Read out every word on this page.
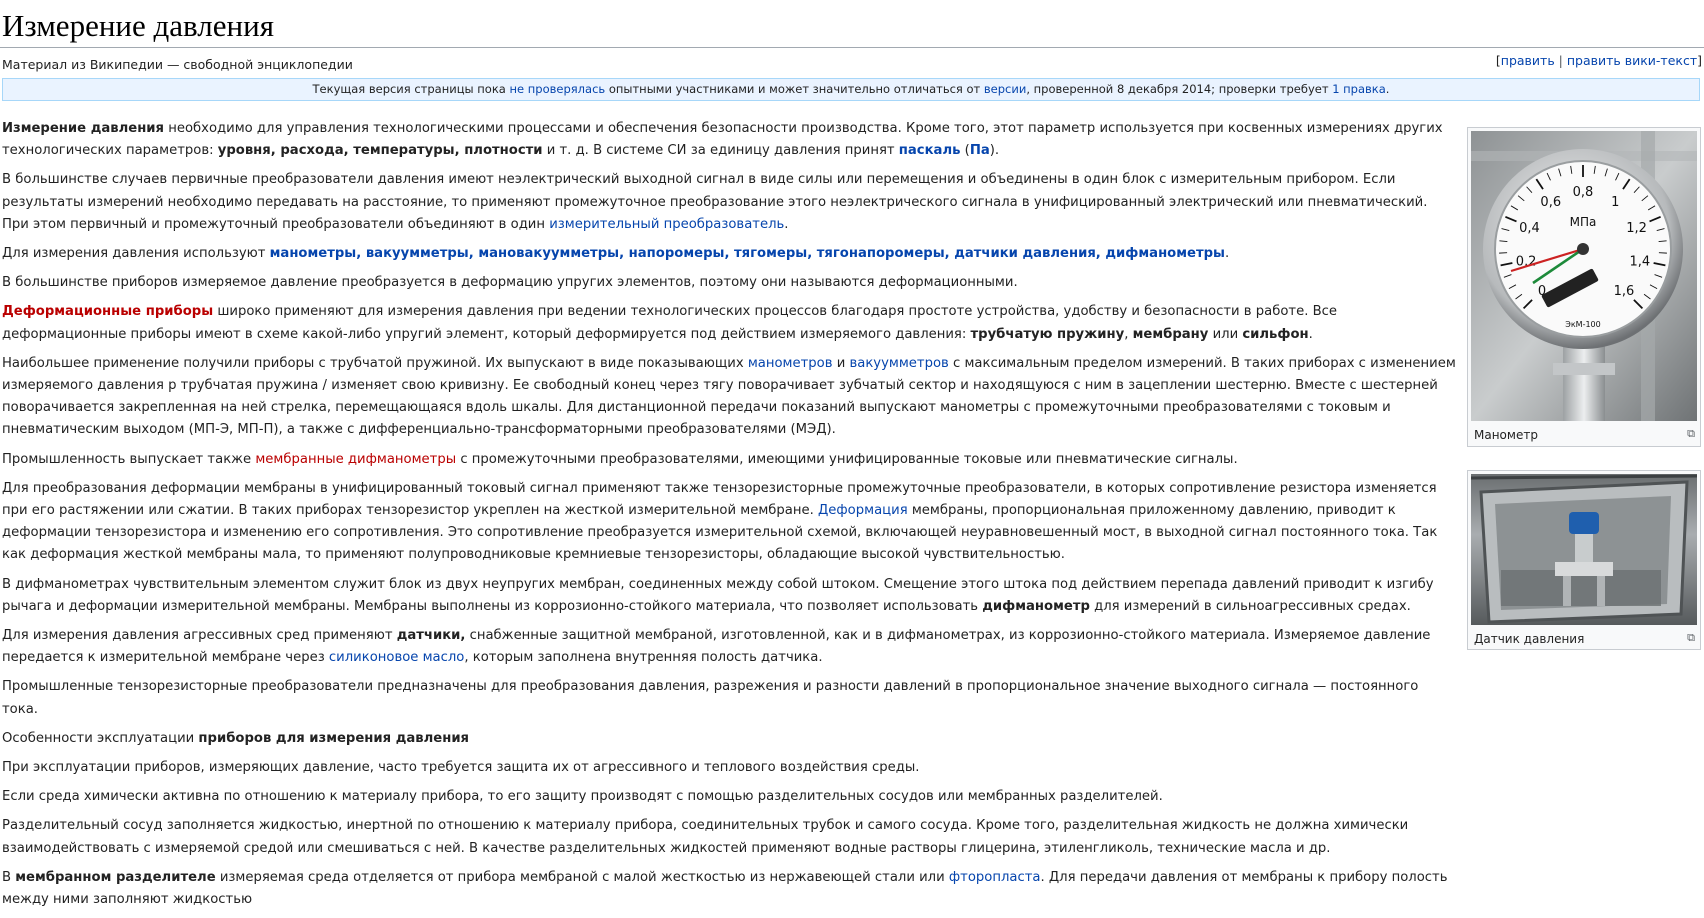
Измерение давления
Материал из Википедии — свободной энциклопедии	[править | править вики-текст]
Текущая версия страницы пока не проверялась опытными участниками и может значительно отличаться от версии, проверенной 8 декабря 2014; проверки требует 1 правка.

Измерение давления необходимо для управления технологическими процессами и обеспечения безопасности производства. Кроме того, этот параметр используется при косвенных измерениях других технологических параметров: уровня, расхода, температуры, плотности и т. д. В системе СИ за единицу давления принят паскаль (Па).

В большинстве случаев первичные преобразователи давления имеют неэлектрический выходной сигнал в виде силы или перемещения и объединены в один блок с измерительным прибором. Если результаты измерений необходимо передавать на расстояние, то применяют промежуточное преобразование этого неэлектрического сигнала в унифицированный электрический или пневматический. При этом первичный и промежуточный преобразователи объединяют в один измерительный преобразователь.

Для измерения давления используют манометры, вакуумметры, мановакуумметры, напоромеры, тягомеры, тягонапоромеры, датчики давления, дифманометры.

В большинстве приборов измеряемое давление преобразуется в деформацию упругих элементов, поэтому они называются деформационными.

Деформационные приборы широко применяют для измерения давления при ведении технологических процессов благодаря простоте устройства, удобству и безопасности в работе. Все деформационные приборы имеют в схеме какой-либо упругий элемент, который деформируется под действием измеряемого давления: трубчатую пружину, мембрану или сильфон.

Наибольшее применение получили приборы с трубчатой пружиной. Их выпускают в виде показывающих манометров и вакуумметров с максимальным пределом измерений. В таких приборах с изменением измеряемого давления р трубчатая пружина / изменяет свою кривизну. Ее свободный конец через тягу поворачивает зубчатый сектор и находящуюся с ним в зацеплении шестерню. Вместе с шестерней поворачивается закрепленная на ней стрелка, перемещающаяся вдоль шкалы. Для дистанционной передачи показаний выпускают манометры с промежуточными преобразователями с токовым и пневматическим выходом (МП-Э, МП-П), а также с дифференциально-трансформаторными преобразователями (МЭД).

Промышленность выпускает также мембранные дифманометры с промежуточными преобразователями, имеющими унифицированные токовые или пневматические сигналы.

Для преобразования деформации мембраны в унифицированный токовый сигнал применяют также тензорезисторные промежуточные преобразователи, в которых сопротивление резистора изменяется при его растяжении или сжатии. В таких приборах тензорезистор укреплен на жесткой измерительной мембране. Деформация мембраны, пропорциональная приложенному давлению, приводит к деформации тензорезистора и изменению его сопротивления. Это сопротивление преобразуется измерительной схемой, включающей неуравновешенный мост, в выходной сигнал постоянного тока. Так как деформация жесткой мембраны мала, то применяют полупроводниковые кремниевые тензорезисторы, обладающие высокой чувствительностью.

В дифманометрах чувствительным элементом служит блок из двух неупругих мембран, соединенных между собой штоком. Смещение этого штока под действием перепада давлений приводит к изгибу рычага и деформации измерительной мембраны. Мембраны выполнены из коррозионно-стойкого материала, что позволяет использовать дифманометр для измерений в сильноагрессивных средах.

Для измерения давления агрессивных сред применяют датчики, снабженные защитной мембраной, изготовленной, как и в дифманометрах, из коррозионно-стойкого материала. Измеряемое давление передается к измерительной мембране через силиконовое масло, которым заполнена внутренняя полость датчика.

Промышленные тензорезисторные преобразователи предназначены для преобразования давления, разрежения и разности давлений в пропорциональное значение выходного сигнала — постоянного тока.

Особенности эксплуатации приборов для измерения давления

При эксплуатации приборов, измеряющих давление, часто требуется защита их от агрессивного и теплового воздействия среды.

Если среда химически активна по отношению к материалу прибора, то его защиту производят с помощью разделительных сосудов или мембранных разделителей.

Разделительный сосуд заполняется жидкостью, инертной по отношению к материалу прибора, соединительных трубок и самого сосуда. Кроме того, разделительная жидкость не должна химически взаимодействовать с измеряемой средой или смешиваться с ней. В качестве разделительных жидкостей применяют водные растворы глицерина, этиленгликоль, технические масла и др.

В мембранном разделителе измеряемая среда отделяется от прибора мембраной с малой жесткостью из нержавеющей стали или фторопласта. Для передачи давления от мембраны к прибору полость между ними заполняют жидкостью

0
0,2
0,4
0,6
0,8
1
1,2
1,4
1,6
МПа
ЭкМ-100
Манометр	⧉
Датчик давления	⧉
